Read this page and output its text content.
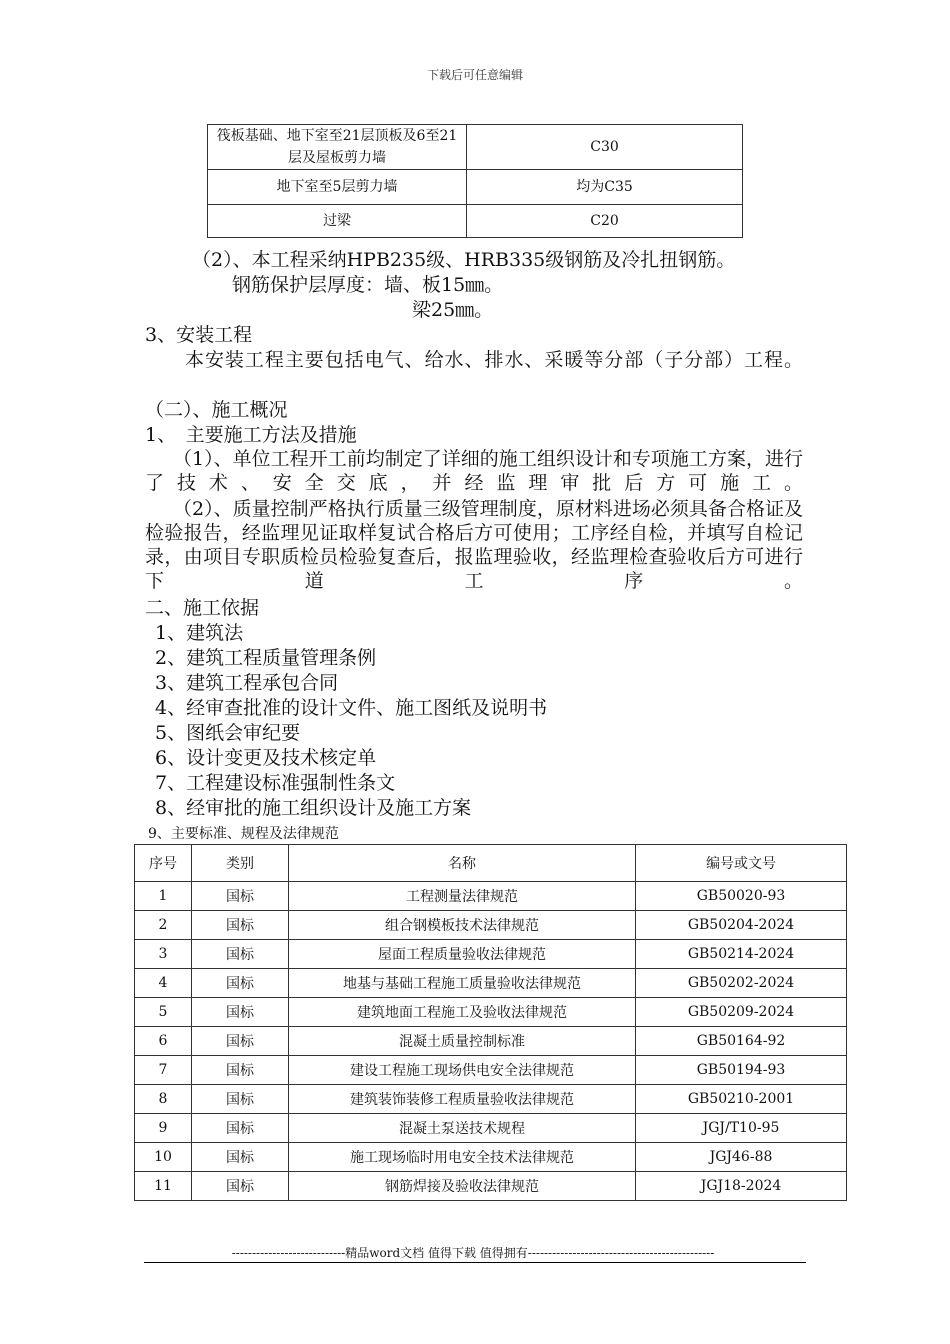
下载后可任意编辑
筏板基础、地下室至21层顶板及6至21层及屋板剪力墙	C30
地下室至5层剪力墙	均为C35
过梁	C20
（2）、本工程采纳HPB235级、HRB335级钢筋及冷扎扭钢筋。
钢筋保护层厚度：墙、板15㎜。
梁25㎜。
3、安装工程
本安装工程主要包括电气、给水、排水、采暖等分部（子分部）工程。
（二）、施工概况
1、　主要施工方法及措施
（1）、单位工程开工前均制定了详细的施工组织设计和专项施工方案，进行了技术、安全交底，并经监理审批后方可施工。
（2）、质量控制严格执行质量三级管理制度，原材料进场必须具备合格证及检验报告，经监理见证取样复试合格后方可使用；工序经自检，并填写自检记录，由项目专职质检员检验复查后，报监理验收，经监理检查验收后方可进行下道工序。
二、施工依据
1、建筑法
2、建筑工程质量管理条例
3、建筑工程承包合同
4、经审查批准的设计文件、施工图纸及说明书
5、图纸会审纪要
6、设计变更及技术核定单
7、工程建设标准强制性条文
8、经审批的施工组织设计及施工方案
9、主要标准、规程及法律规范
序号	类别	名称	编号或文号
1	国标	工程测量法律规范	GB50020-93
2	国标	组合钢模板技术法律规范	GB50204-2024
3	国标	屋面工程质量验收法律规范	GB50214-2024
4	国标	地基与基础工程施工质量验收法律规范	GB50202-2024
5	国标	建筑地面工程施工及验收法律规范	GB50209-2024
6	国标	混凝土质量控制标准	GB50164-92
7	国标	建设工程施工现场供电安全法律规范	GB50194-93
8	国标	建筑装饰装修工程质量验收法律规范	GB50210-2001
9	国标	混凝土泵送技术规程	JGJ/T10-95
10	国标	施工现场临时用电安全技术法律规范	JGJ46-88
11	国标	钢筋焊接及验收法律规范	JGJ18-2024
----------------------------精品word文档 值得下载 值得拥有----------------------------------------------
